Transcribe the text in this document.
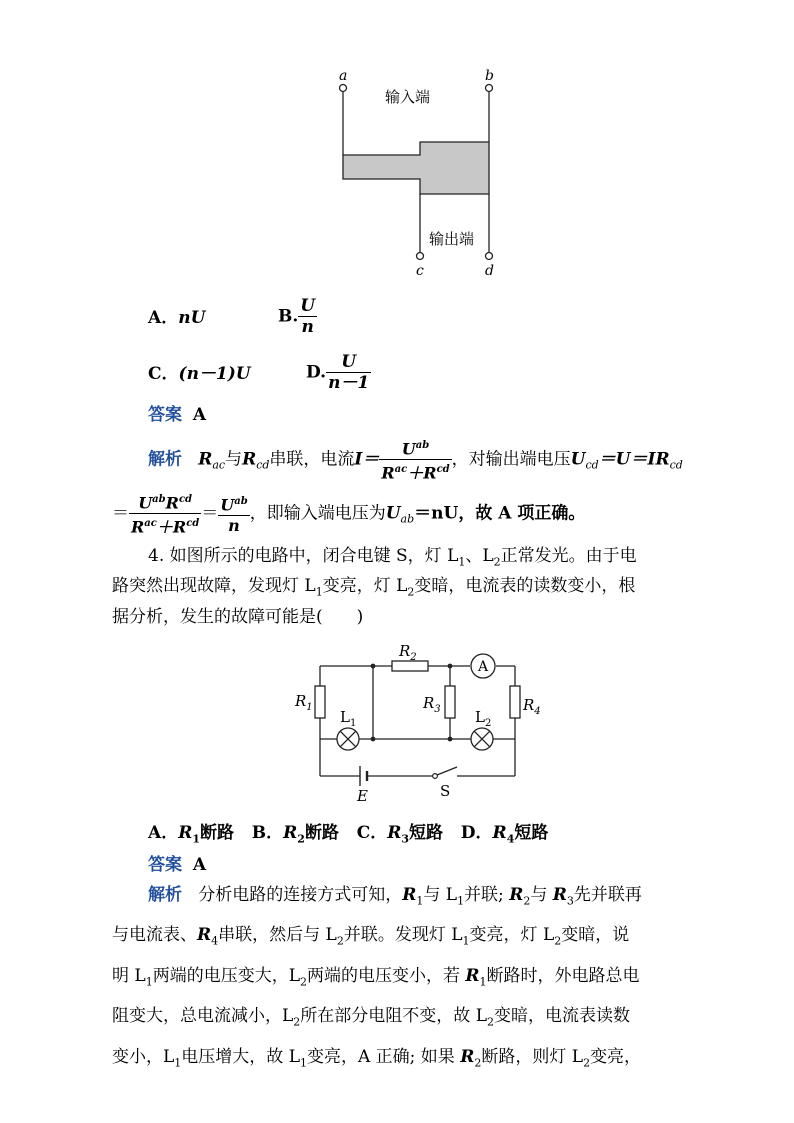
a	b
c	d
输入端
输出端
A．nU	B. $\frac{U}{n}$
C．(n－1)U	D. $\frac{U}{n-1}$
答案 A
解析 $R_{ac}$与$R_{cd}$串联，电流$I= \frac{U^{ab}}{R^{ac}+R^{cd}}$ ，对输出端电压$U_{cd}=U=IR_{cd}$
＝ $\frac{U^{ab}R^{cd}}{R^{ac}+R^{cd}} = \frac{U^{ab}}{n}$ ，即输入端电压为$U_{ab}=nU$，故 A 项正确。
4. 如图所示的电路中，闭合电键 S，灯 $L_1$、$L_2$正常发光。由于电
路突然出现故障，发现灯 $L_1$变亮，灯 $L_2$变暗，电流表的读数变小，根
据分析，发生的故障可能是(　　)
$R_2$
$R_1$	$R_3$	$R_4$
$L_1$	$L_2$
A
E	S
A．$R_1$断路 B．$R_2$断路 C．$R_3$短路 D．$R_4$短路
答案 A
解析 分析电路的连接方式可知，$R_1$与 $L_1$并联; $R_2$与 $R_3$先并联再
与电流表、$R_4$串联，然后与 $L_2$并联。发现灯 $L_1$变亮，灯 $L_2$变暗，说
明 $L_1$两端的电压变大，$L_2$两端的电压变小，若 $R_1$断路时，外电路总电
阻变大，总电流减小，$L_2$所在部分电阻不变，故 $L_2$变暗，电流表读数
变小，$L_1$电压增大，故 $L_1$变亮，A 正确; 如果 $R_2$断路，则灯 $L_2$变亮，
